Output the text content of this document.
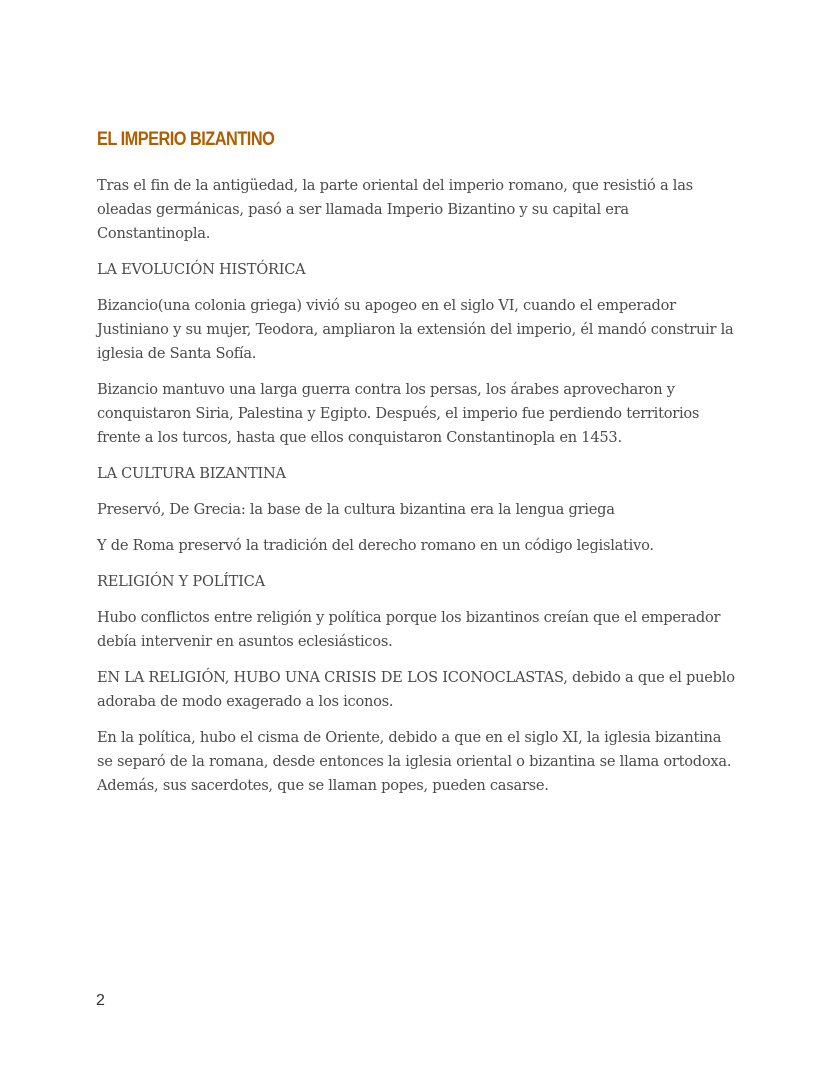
EL IMPERIO BIZANTINO

Tras el fin de la antigüedad, la parte oriental del imperio romano, que resistió a las oleadas germánicas, pasó a ser llamada Imperio Bizantino y su capital era Constantinopla.

LA EVOLUCIÓN HISTÓRICA

Bizancio(una colonia griega) vivió su apogeo en el siglo VI, cuando el emperador Justiniano y su mujer, Teodora, ampliaron la extensión del imperio, él mandó construir la iglesia de Santa Sofía.

Bizancio mantuvo una larga guerra contra los persas, los árabes aprovecharon y conquistaron Siria, Palestina y Egipto. Después, el imperio fue perdiendo territorios frente a los turcos, hasta que ellos conquistaron Constantinopla en 1453.

LA CULTURA BIZANTINA

Preservó, De Grecia: la base de la cultura bizantina era la lengua griega

Y de Roma preservó la tradición del derecho romano en un código legislativo.

RELIGIÓN Y POLÍTICA

Hubo conflictos entre religión y política porque los bizantinos creían que el emperador debía intervenir en asuntos eclesiásticos.

EN LA RELIGIÓN, HUBO UNA CRISIS DE LOS ICONOCLASTAS, debido a que el pueblo adoraba de modo exagerado a los iconos.

En la política, hubo el cisma de Oriente, debido a que en el siglo XI, la iglesia bizantina se separó de la romana, desde entonces la iglesia oriental o bizantina se llama ortodoxa. Además, sus sacerdotes, que se llaman popes, pueden casarse.

2
